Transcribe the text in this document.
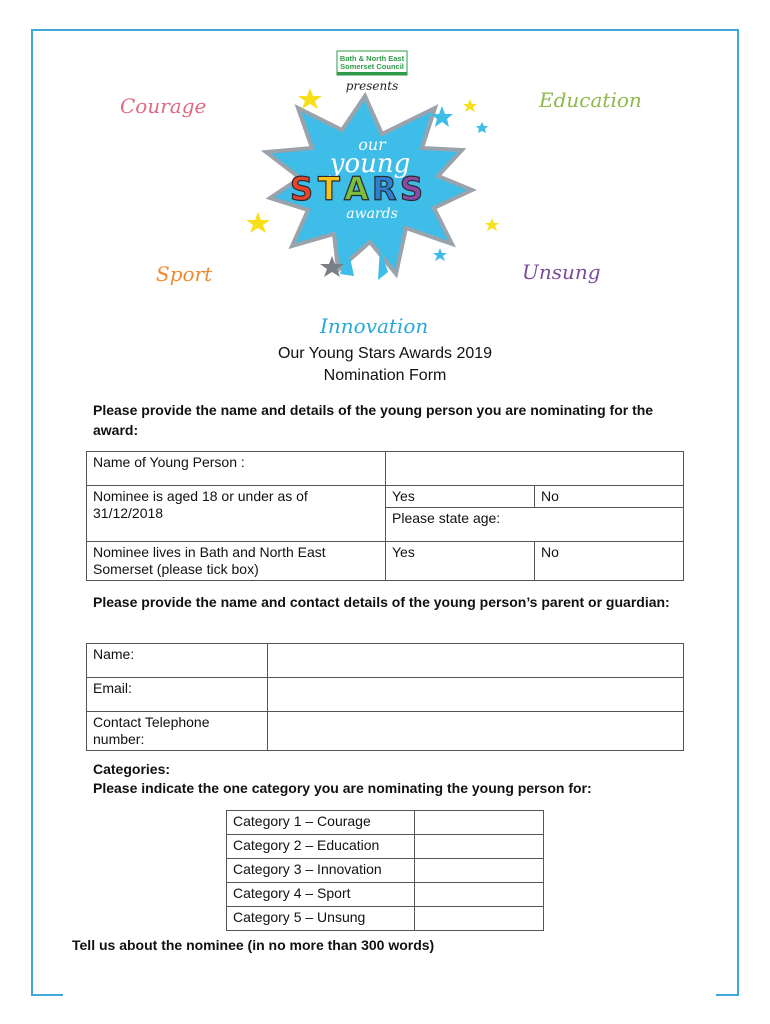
Bath & North East
Somerset Council
presents
our
young
S T A R S
awards
Courage	Education
Sport	Unsung
Innovation
Our Young Stars Awards 2019
Nomination Form
Please provide the name and details of the young person you are nominating for the award:
Name of Young Person :		
Nominee is aged 18 or under as of 31/12/2018	Yes	No
	Please state age:	
Nominee lives in Bath and North East Somerset (please tick box)	Yes	No
Please provide the name and contact details of the young person’s parent or guardian:
Name:	
Email:	
Contact Telephone number:	
Categories:
Please indicate the one category you are nominating the young person for:
Category 1 – Courage	
Category 2 – Education	
Category 3 – Innovation	
Category 4 – Sport	
Category 5 – Unsung	
Tell us about the nominee (in no more than 300 words)
